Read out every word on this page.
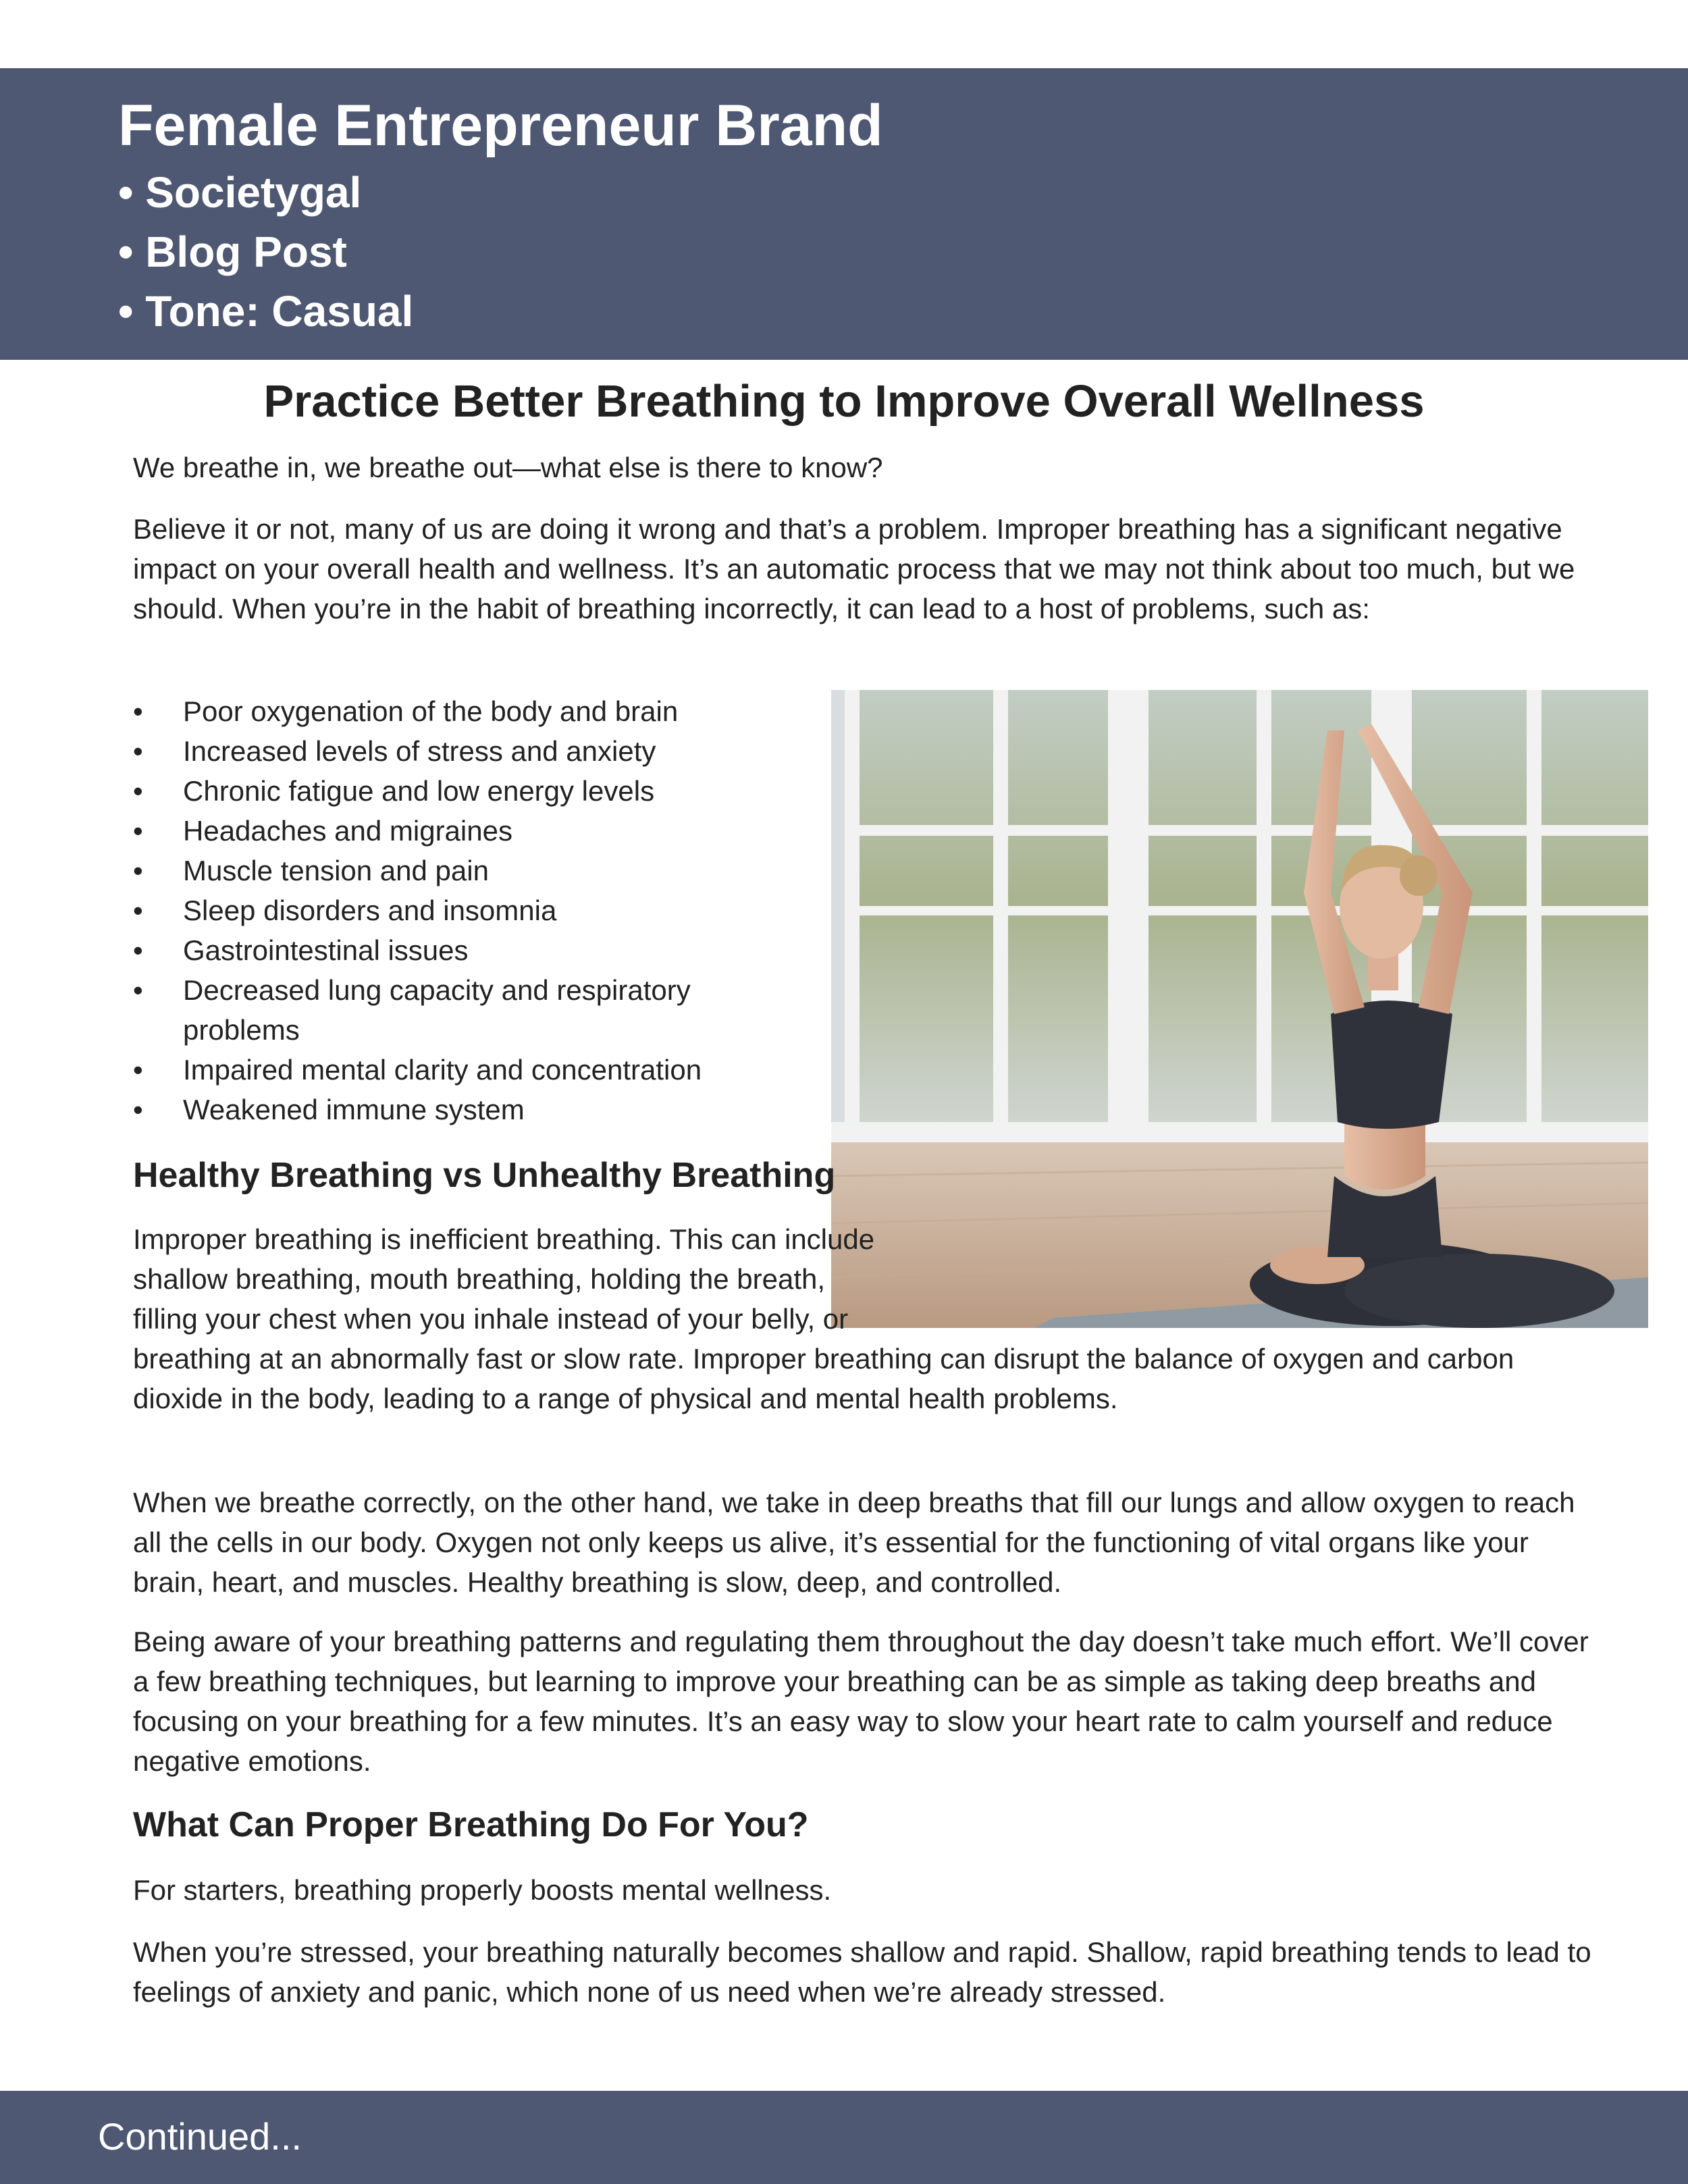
Female Entrepreneur Brand
• Societygal
• Blog Post
• Tone: Casual
Practice Better Breathing to Improve Overall Wellness

We breathe in, we breathe out—what else is there to know?

Believe it or not, many of us are doing it wrong and that’s a problem. Improper breathing has a significant negative impact on your overall health and wellness. It’s an automatic process that we may not think about too much, but we should. When you’re in the habit of breathing incorrectly, it can lead to a host of problems, such as:

• Poor oxygenation of the body and brain
• Increased levels of stress and anxiety
• Chronic fatigue and low energy levels
• Headaches and migraines
• Muscle tension and pain
• Sleep disorders and insomnia
• Gastrointestinal issues
• Decreased lung capacity and respiratory problems
• Impaired mental clarity and concentration
• Weakened immune system
Healthy Breathing vs Unhealthy Breathing
Improper breathing is inefficient breathing. This can include shallow breathing, mouth breathing, holding the breath, filling your chest when you inhale instead of your belly, or breathing at an abnormally fast or slow rate. Improper breathing can disrupt the balance of oxygen and carbon dioxide in the body, leading to a range of physical and mental health problems.

When we breathe correctly, on the other hand, we take in deep breaths that fill our lungs and allow oxygen to reach all the cells in our body. Oxygen not only keeps us alive, it’s essential for the functioning of vital organs like your brain, heart, and muscles. Healthy breathing is slow, deep, and controlled.

Being aware of your breathing patterns and regulating them throughout the day doesn’t take much effort. We’ll cover a few breathing techniques, but learning to improve your breathing can be as simple as taking deep breaths and focusing on your breathing for a few minutes. It’s an easy way to slow your heart rate to calm yourself and reduce negative emotions.

What Can Proper Breathing Do For You?

For starters, breathing properly boosts mental wellness.

When you’re stressed, your breathing naturally becomes shallow and rapid. Shallow, rapid breathing tends to lead to feelings of anxiety and panic, which none of us need when we’re already stressed.

Continued...
